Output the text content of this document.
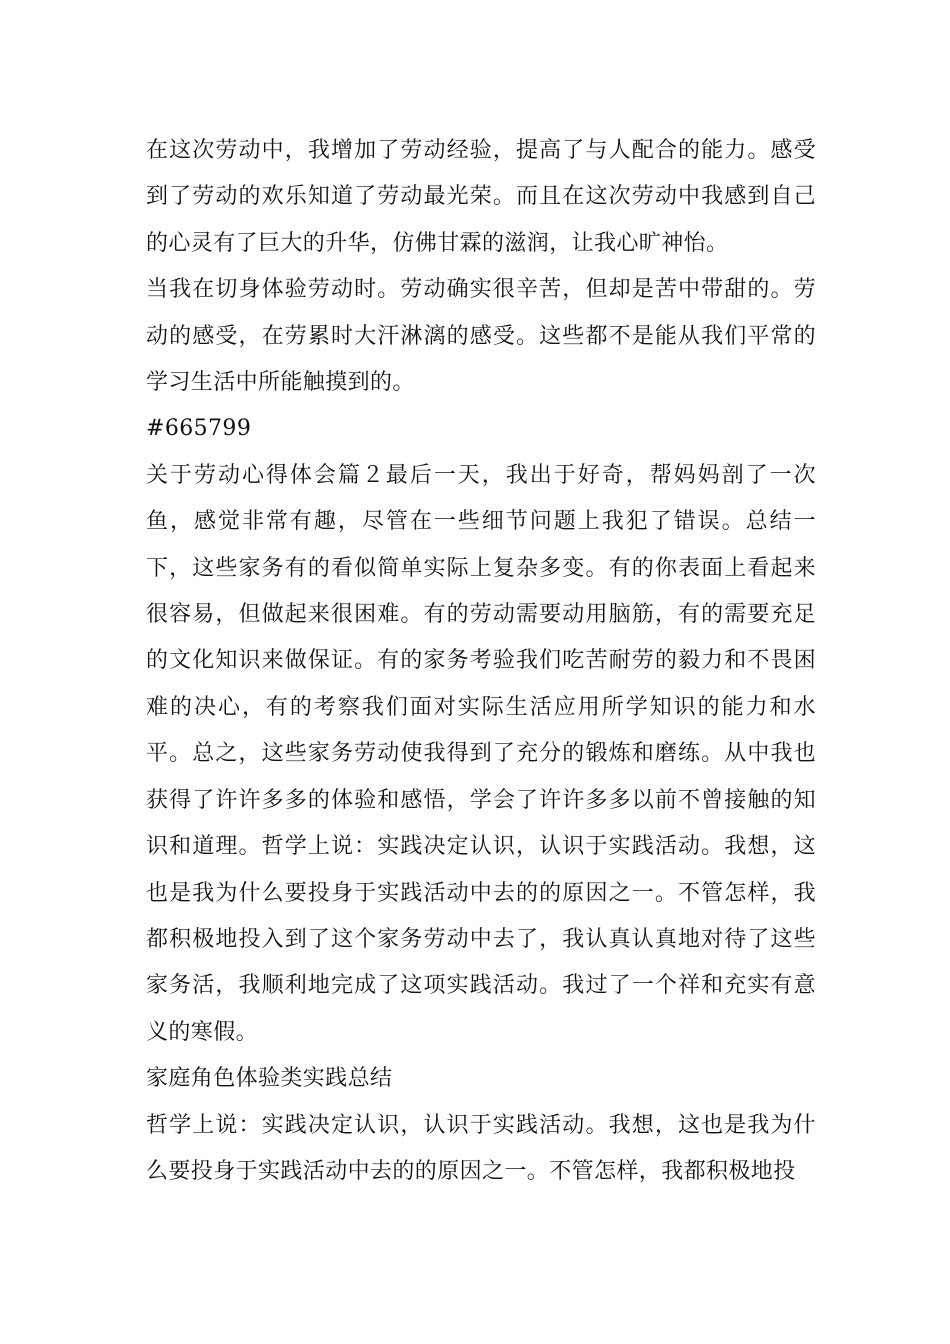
在这次劳动中，我增加了劳动经验，提高了与人配合的能力。感受到了劳动的欢乐知道了劳动最光荣。而且在这次劳动中我感到自己的心灵有了巨大的升华，仿佛甘霖的滋润，让我心旷神怡。

当我在切身体验劳动时。劳动确实很辛苦，但却是苦中带甜的。劳动的感受，在劳累时大汗淋漓的感受。这些都不是能从我们平常的学习生活中所能触摸到的。

#665799

关于劳动心得体会篇２最后一天，我出于好奇，帮妈妈剖了一次鱼，感觉非常有趣，尽管在一些细节问题上我犯了错误。总结一下，这些家务有的看似简单实际上复杂多变。有的你表面上看起来很容易，但做起来很困难。有的劳动需要动用脑筋，有的需要充足的文化知识来做保证。有的家务考验我们吃苦耐劳的毅力和不畏困难的决心，有的考察我们面对实际生活应用所学知识的能力和水平。总之，这些家务劳动使我得到了充分的锻炼和磨练。从中我也获得了许许多多的体验和感悟，学会了许许多多以前不曾接触的知识和道理。哲学上说：实践决定认识，认识于实践活动。我想，这也是我为什么要投身于实践活动中去的的原因之一。不管怎样，我都积极地投入到了这个家务劳动中去了，我认真认真地对待了这些家务活，我顺利地完成了这项实践活动。我过了一个祥和充实有意义的寒假。

家庭角色体验类实践总结

哲学上说：实践决定认识，认识于实践活动。我想，这也是我为什么要投身于实践活动中去的的原因之一。不管怎样，我都积极地投
